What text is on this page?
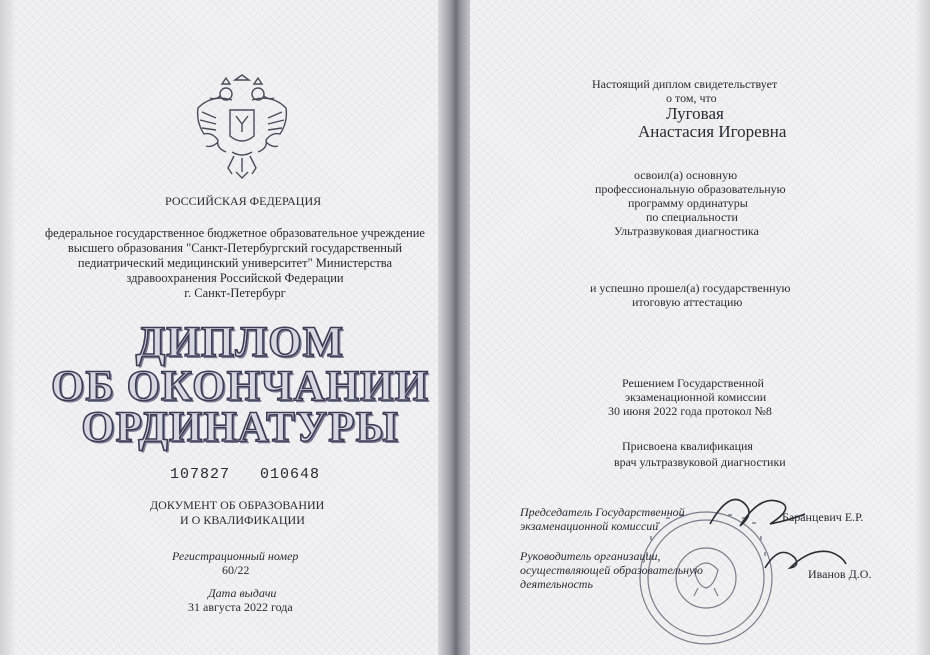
РОССИЙСКАЯ ФЕДЕРАЦИЯ
федеральное государственное бюджетное образовательное учреждение
высшего образования "Санкт-Петербургский государственный
педиатрический медицинский университет" Министерства
здравоохранения Российской Федерации
г. Санкт-Петербург
ДИПЛОМ
ОБ ОКОНЧАНИИ
ОРДИНАТУРЫ
107827   010648
ДОКУМЕНТ ОБ ОБРАЗОВАНИИ
И О КВАЛИФИКАЦИИ
Регистрационный номер
60/22
Дата выдачи
31 августа 2022 года
Настоящий диплом свидетельствует
о том, что
Луговая
Анастасия Игоревна
освоил(а) основную
профессиональную образовательную
программу ординатуры
по специальности
Ультразвуковая диагностика
и успешно прошел(а) государственную
итоговую аттестацию
Решением Государственной
экзаменационной комиссии
30 июня 2022 года протокол №8
Присвоена квалификация
врач ультразвуковой диагностики
Председатель Государственной
экзаменационной комиссии
Баранцевич Е.Р.
Руководитель организации,
осуществляющей образовательную
деятельность
Иванов Д.О.
